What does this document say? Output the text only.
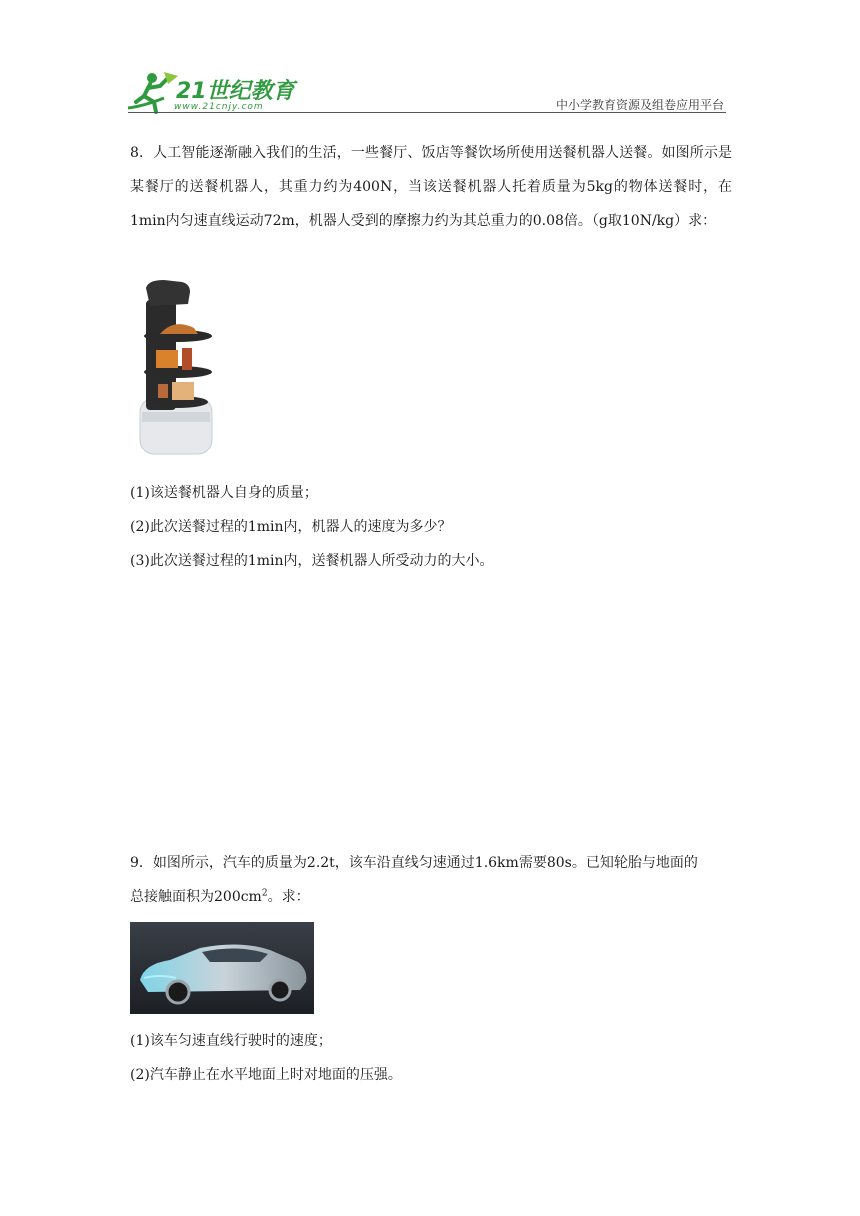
21世纪教育
www.21cnjy.com	中小学教育资源及组卷应用平台
8．人工智能逐渐融入我们的生活，一些餐厅、饭店等餐饮场所使用送餐机器人送餐。如图所示是某餐厅的送餐机器人，其重力约为400N，当该送餐机器人托着质量为5kg的物体送餐时，在1min内匀速直线运动72m，机器人受到的摩擦力约为其总重力的0.08倍。（g取10N/kg）求：
(1)该送餐机器人自身的质量；
(2)此次送餐过程的1min内，机器人的速度为多少？
(3)此次送餐过程的1min内，送餐机器人所受动力的大小。
9．如图所示，汽车的质量为2.2t，该车沿直线匀速通过1.6km需要80s。已知轮胎与地面的
总接触面积为$200cm^2$。求：
(1)该车匀速直线行驶时的速度；
(2)汽车静止在水平地面上时对地面的压强。
